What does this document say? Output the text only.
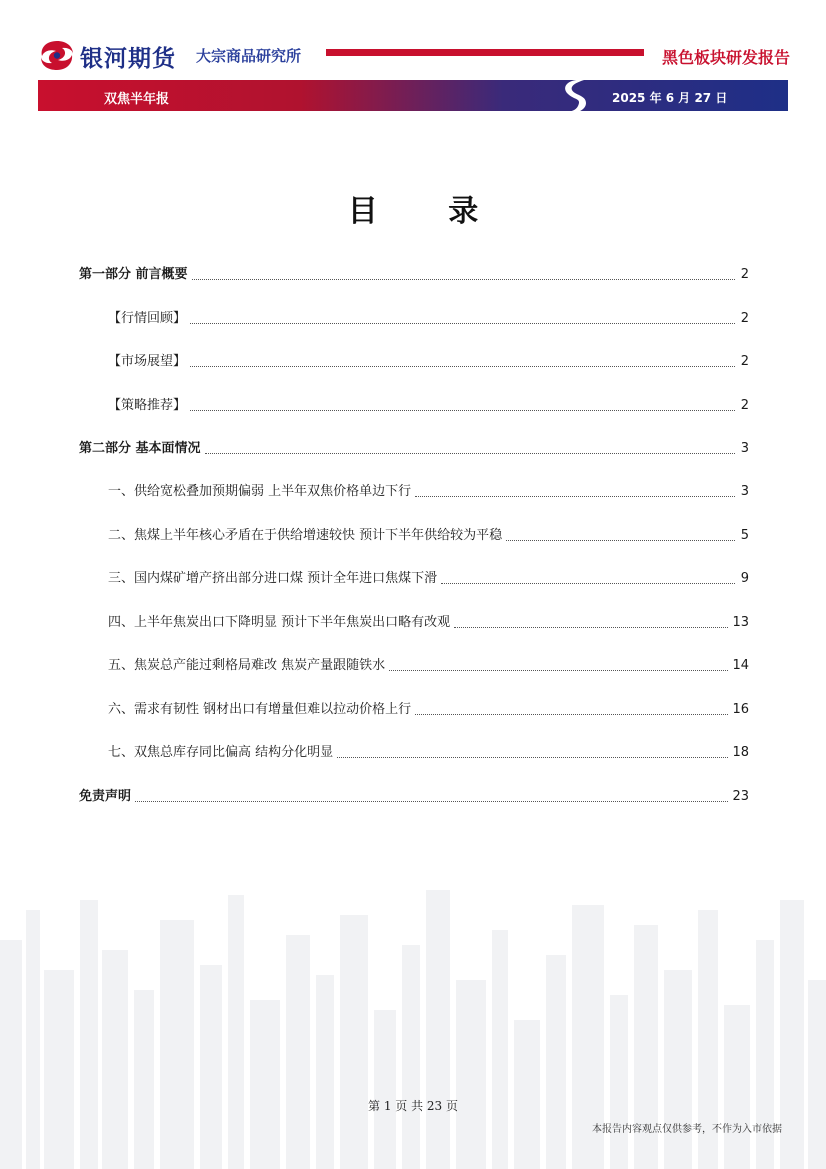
银河期货 大宗商品研究所	黑色板块研发报告
双焦半年报	2025 年 6 月 27 日
目 录
第一部分 前言概要	2
【行情回顾】	2
【市场展望】	2
【策略推荐】	2
第二部分 基本面情况	3
一、供给宽松叠加预期偏弱 上半年双焦价格单边下行	3
二、焦煤上半年核心矛盾在于供给增速较快 预计下半年供给较为平稳	5
三、国内煤矿增产挤出部分进口煤 预计全年进口焦煤下滑	9
四、上半年焦炭出口下降明显 预计下半年焦炭出口略有改观	13
五、焦炭总产能过剩格局难改 焦炭产量跟随铁水	14
六、需求有韧性 钢材出口有增量但难以拉动价格上行	16
七、双焦总库存同比偏高 结构分化明显	18
免责声明	23
第 1 页 共 23 页
本报告内容观点仅供参考，不作为入市依据
